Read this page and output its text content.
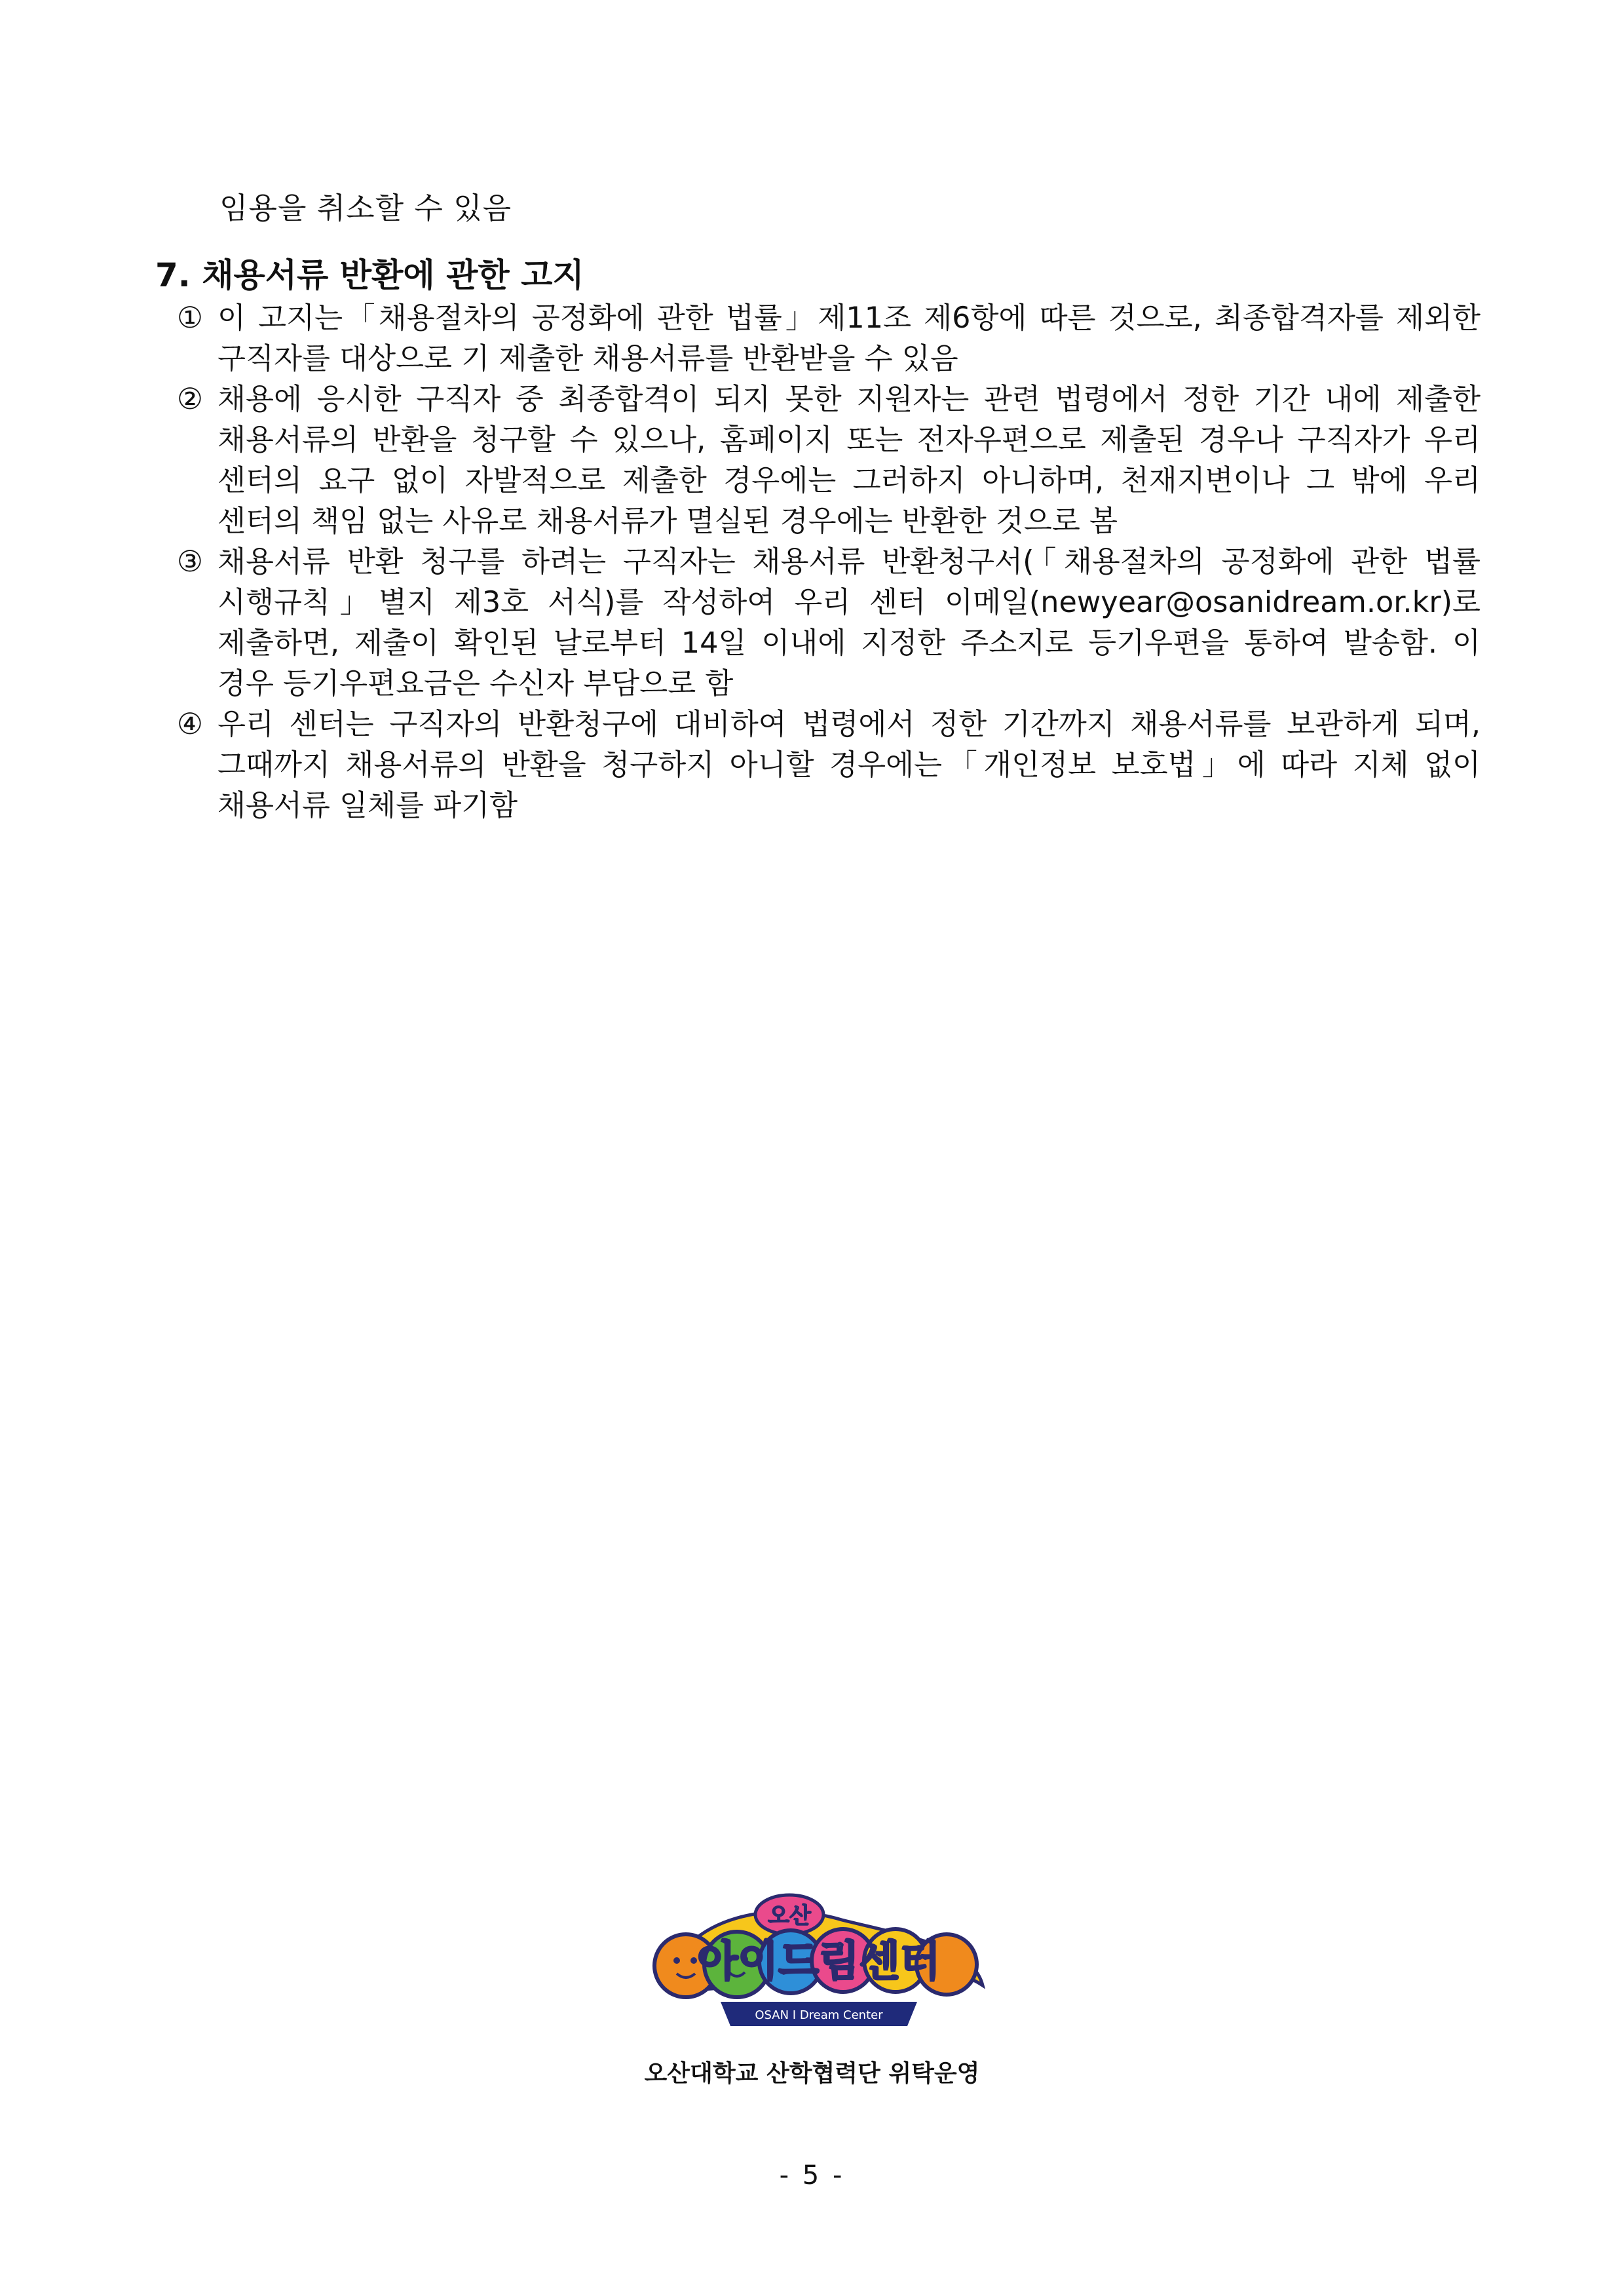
임용을 취소할 수 있음
7. 채용서류 반환에 관한 고지
① 이 고지는「채용절차의 공정화에 관한 법률」제11조 제6항에 따른 것으로, 최종합격자를 제외한 구직자를 대상으로 기 제출한 채용서류를 반환받을 수 있음
② 채용에 응시한 구직자 중 최종합격이 되지 못한 지원자는 관련 법령에서 정한 기간 내에 제출한 채용서류의 반환을 청구할 수 있으나, 홈페이지 또는 전자우편으로 제출된 경우나 구직자가 우리 센터의 요구 없이 자발적으로 제출한 경우에는 그러하지 아니하며, 천재지변이나 그 밖에 우리 센터의 책임 없는 사유로 채용서류가 멸실된 경우에는 반환한 것으로 봄
③ 채용서류 반환 청구를 하려는 구직자는 채용서류 반환청구서(「채용절차의 공정화에 관한 법률 시행규칙」별지 제3호 서식)를 작성하여 우리 센터 이메일(newyear@osanidream.or.kr)로 제출하면, 제출이 확인된 날로부터 14일 이내에 지정한 주소지로 등기우편을 통하여 발송함. 이 경우 등기우편요금은 수신자 부담으로 함
④ 우리 센터는 구직자의 반환청구에 대비하여 법령에서 정한 기간까지 채용서류를 보관하게 되며, 그때까지 채용서류의 반환을 청구하지 아니할 경우에는「개인정보 보호법」에 따라 지체 없이 채용서류 일체를 파기함
오산
아이드림센터
OSAN I Dream Center
오산대학교 산학협력단 위탁운영
- 5 -
